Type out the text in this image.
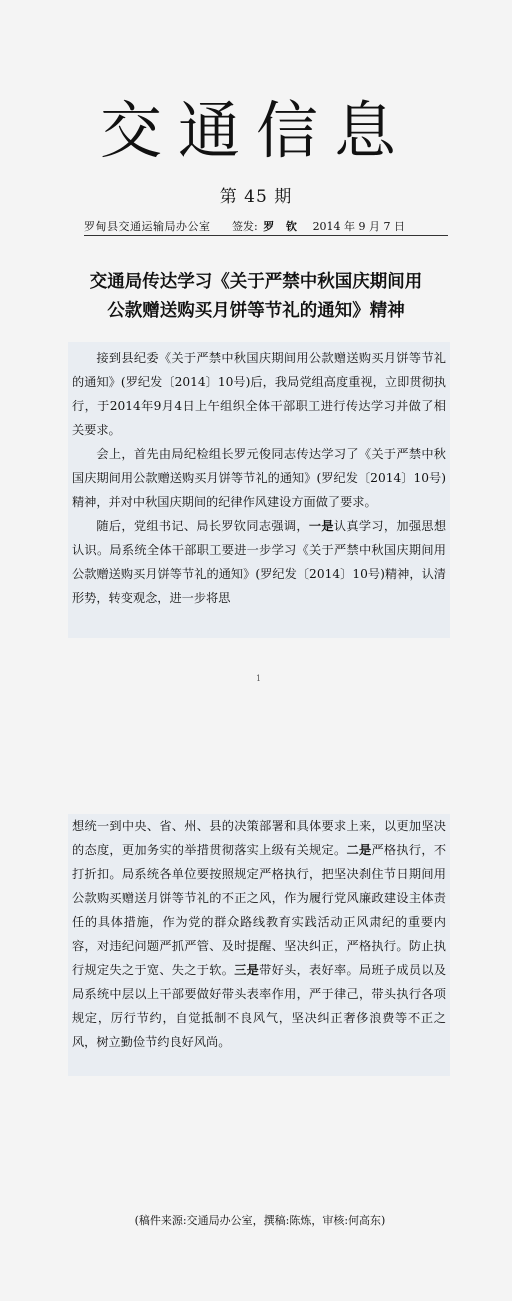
交通信息
第 45 期
罗甸县交通运输局办公室 签发: 罗 钦 2014 年 9 月 7 日
交通局传达学习《关于严禁中秋国庆期间用
公款赠送购买月饼等节礼的通知》精神

接到县纪委《关于严禁中秋国庆期间用公款赠送购买月饼等节礼的通知》(罗纪发〔2014〕10号)后，我局党组高度重视，立即贯彻执行，于2014年9月4日上午组织全体干部职工进行传达学习并做了相关要求。

会上，首先由局纪检组长罗元俊同志传达学习了《关于严禁中秋国庆期间用公款赠送购买月饼等节礼的通知》(罗纪发〔2014〕10号)精神，并对中秋国庆期间的纪律作风建设方面做了要求。

随后，党组书记、局长罗钦同志强调，一是认真学习，加强思想认识。局系统全体干部职工要进一步学习《关于严禁中秋国庆期间用公款赠送购买月饼等节礼的通知》(罗纪发〔2014〕10号)精神，认清形势，转变观念，进一步将思

1

想统一到中央、省、州、县的决策部署和具体要求上来，以更加坚决的态度，更加务实的举措贯彻落实上级有关规定。二是严格执行，不打折扣。局系统各单位要按照规定严格执行，把坚决刹住节日期间用公款购买赠送月饼等节礼的不正之风，作为履行党风廉政建设主体责任的具体措施，作为党的群众路线教育实践活动正风肃纪的重要内容，对违纪问题严抓严管、及时提醒、坚决纠正，严格执行。防止执行规定失之于宽、失之于软。三是带好头，表好率。局班子成员以及局系统中层以上干部要做好带头表率作用，严于律己，带头执行各项规定，厉行节约，自觉抵制不良风气，坚决纠正奢侈浪费等不正之风，树立勤俭节约良好风尚。

(稿件来源:交通局办公室，撰稿:陈炼，审核:何高东)
